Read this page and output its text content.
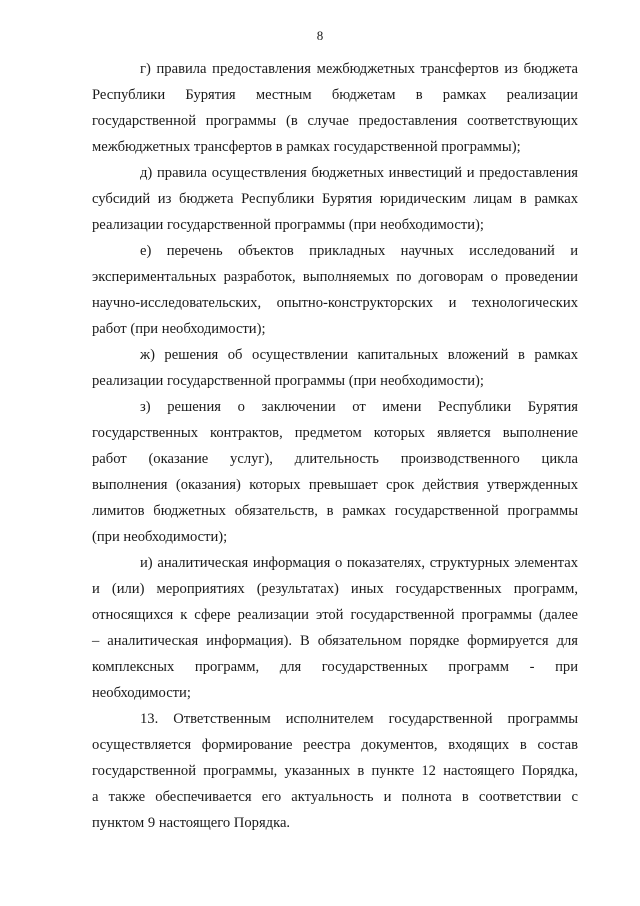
8
г) правила предоставления межбюджетных трансфертов из бюджета
Республики Бурятия местным бюджетам в рамках реализации
государственной программы (в случае предоставления соответствующих
межбюджетных трансфертов в рамках государственной программы);
д) правила осуществления бюджетных инвестиций и предоставления
субсидий из бюджета Республики Бурятия юридическим лицам в рамках
реализации государственной программы (при необходимости);
е) перечень объектов прикладных научных исследований и
экспериментальных разработок, выполняемых по договорам о проведении
научно-исследовательских, опытно-конструкторских и технологических
работ (при необходимости);
ж) решения об осуществлении капитальных вложений в рамках
реализации государственной программы (при необходимости);
з) решения о заключении от имени Республики Бурятия
государственных контрактов, предметом которых является выполнение
работ (оказание услуг), длительность производственного цикла
выполнения (оказания) которых превышает срок действия утвержденных
лимитов бюджетных обязательств, в рамках государственной программы
(при необходимости);
и) аналитическая информация о показателях, структурных элементах
и (или) мероприятиях (результатах) иных государственных программ,
относящихся к сфере реализации этой государственной программы (далее
– аналитическая информация). В обязательном порядке формируется для
комплексных программ, для государственных программ - при
необходимости;
13. Ответственным исполнителем государственной программы
осуществляется формирование реестра документов, входящих в состав
государственной программы, указанных в пункте 12 настоящего Порядка,
а также обеспечивается его актуальность и полнота в соответствии с
пунктом 9 настоящего Порядка.
